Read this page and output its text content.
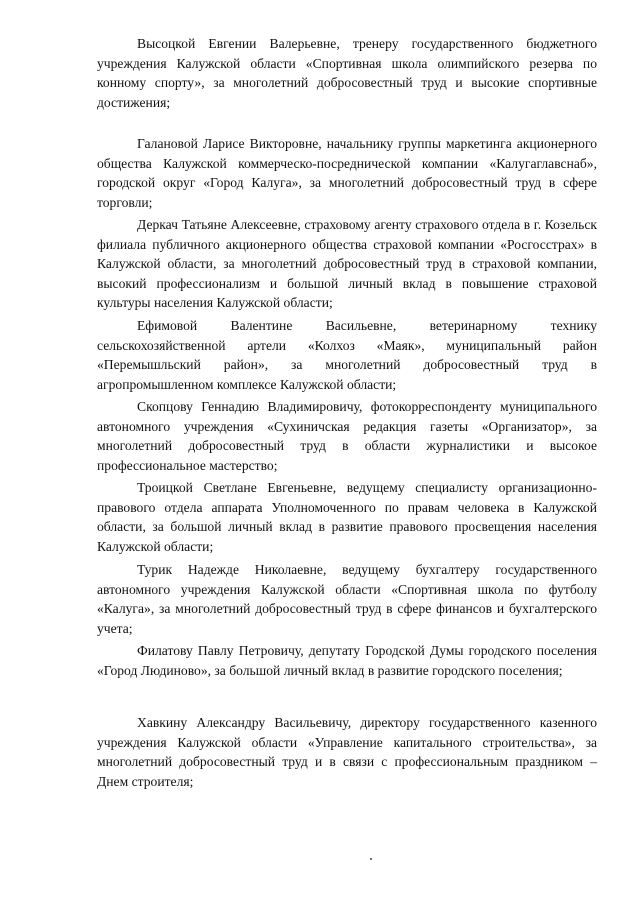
Высоцкой Евгении Валерьевне, тренеру государственного бюджетного учреждения Калужской области «Спортивная школа олимпийского резерва по конному спорту», за многолетний добросовестный труд и высокие спортивные достижения;

Галановой Ларисе Викторовне, начальнику группы маркетинга акционерного общества Калужской коммерческо-посреднической компании «Калугаглавснаб», городской округ «Город Калуга», за многолетний добросовестный труд в сфере торговли;

Деркач Татьяне Алексеевне, страховому агенту страхового отдела в г. Козельск филиала публичного акционерного общества страховой компании «Росгосстрах» в Калужской области, за многолетний добросовестный труд в страховой компании, высокий профессионализм и большой личный вклад в повышение страховой культуры населения Калужской области;

Ефимовой Валентине Васильевне, ветеринарному технику сельскохозяйственной артели «Колхоз «Маяк», муниципальный район «Перемышльский район», за многолетний добросовестный труд в агропромышленном комплексе Калужской области;

Скопцову Геннадию Владимировичу, фотокорреспонденту муниципального автономного учреждения «Сухиничская редакция газеты «Организатор», за многолетний добросовестный труд в области журналистики и высокое профессиональное мастерство;

Троицкой Светлане Евгеньевне, ведущему специалисту организационно-правового отдела аппарата Уполномоченного по правам человека в Калужской области, за большой личный вклад в развитие правового просвещения населения Калужской области;

Турик Надежде Николаевне, ведущему бухгалтеру государственного автономного учреждения Калужской области «Спортивная школа по футболу «Калуга», за многолетний добросовестный труд в сфере финансов и бухгалтерского учета;

Филатову Павлу Петровичу, депутату Городской Думы городского поселения «Город Людиново», за большой личный вклад в развитие городского поселения;

Хавкину Александру Васильевичу, директору государственного казенного учреждения Калужской области «Управление капитального строительства», за многолетний добросовестный труд и в связи с профессиональным праздником – Днем строителя;
